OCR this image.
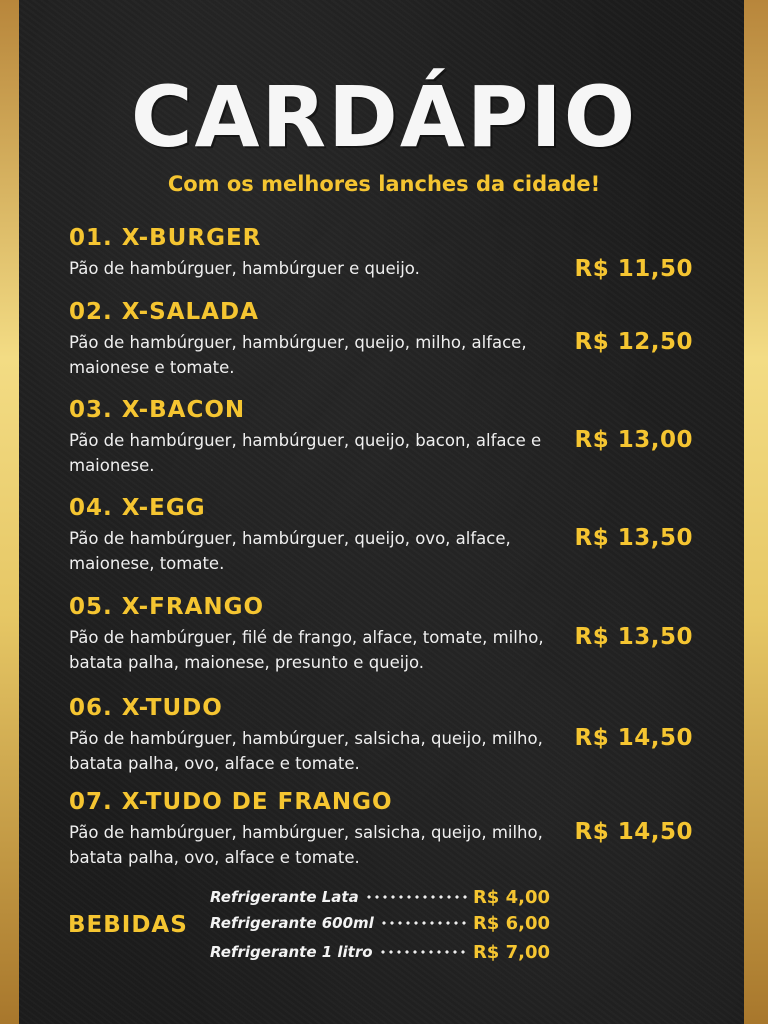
CARDÁPIO
Com os melhores lanches da cidade!
01. X-BURGER
Pão de hambúrguer, hambúrguer e queijo.	R$ 11,50
02. X-SALADA
Pão de hambúrguer, hambúrguer, queijo, milho, alface, maionese e tomate.
R$ 12,50
03. X-BACON
Pão de hambúrguer, hambúrguer, queijo, bacon, alface e maionese.
R$ 13,00
04. X-EGG
Pão de hambúrguer, hambúrguer, queijo, ovo, alface, maionese, tomate.
R$ 13,50
05. X-FRANGO
Pão de hambúrguer, filé de frango, alface, tomate, milho, batata palha, maionese, presunto e queijo.
R$ 13,50
06. X-TUDO
Pão de hambúrguer, hambúrguer, salsicha, queijo, milho, batata palha, ovo, alface e tomate.
R$ 14,50
07. X-TUDO DE FRANGO
Pão de hambúrguer, hambúrguer, salsicha, queijo, milho, batata palha, ovo, alface e tomate.
R$ 14,50
BEBIDAS
Refrigerante Lata	R$ 4,00
Refrigerante 600ml	R$ 6,00
Refrigerante 1 litro	R$ 7,00
